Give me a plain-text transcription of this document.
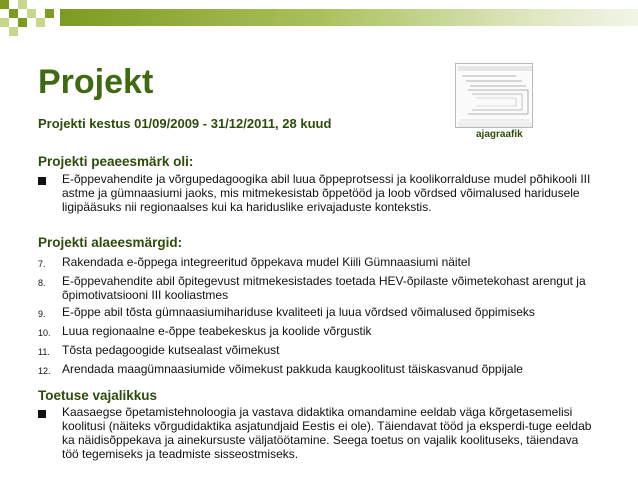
Projekt
Projekti kestus 01/09/2009 - 31/12/2011, 28 kuud
ajagraafik
Projekti peaeesmärk oli:
E-õppevahendite ja võrgupedagoogika abil luua õppeprotsessi ja koolikorralduse mudel põhikooli III astme ja gümnaasiumi jaoks, mis mitmekesistab õppetööd ja loob võrdsed võimalused haridusele ligipääsuks nii regionaalses kui ka hariduslike erivajaduste kontekstis.
Projekti alaeesmärgid:
7.	Rakendada e-õppega integreeritud õppekava mudel Kiili Gümnaasiumi näitel
8.	E-õppevahendite abil õpitegevust mitmekesistades toetada HEV-õpilaste võimetekohast arengut ja õpimotivatsiooni III kooliastmes
9.	E-õppe abil tõsta gümnaasiumihariduse kvaliteeti ja luua võrdsed võimalused õppimiseks
10. Luua regionaalne e-õppe teabekeskus ja koolide võrgustik
11.	Tõsta pedagoogide kutsealast võimekust
12. Arendada maagümnaasiumide võimekust pakkuda kaugkoolitust täiskasvanud õppijale
Toetuse vajalikkus
Kaasaegse õpetamistehnoloogia ja vastava didaktika omandamine eeldab väga kõrgetasemelisi koolitusi (näiteks võrgudidaktika asjatundjaid Eestis ei ole). Täiendavat tööd ja eksperdi-tuge eeldab ka näidisõppekava ja ainekursuste väljatöötamine. Seega toetus on vajalik koolituseks, täiendava töö tegemiseks ja teadmiste sisseostmiseks.
